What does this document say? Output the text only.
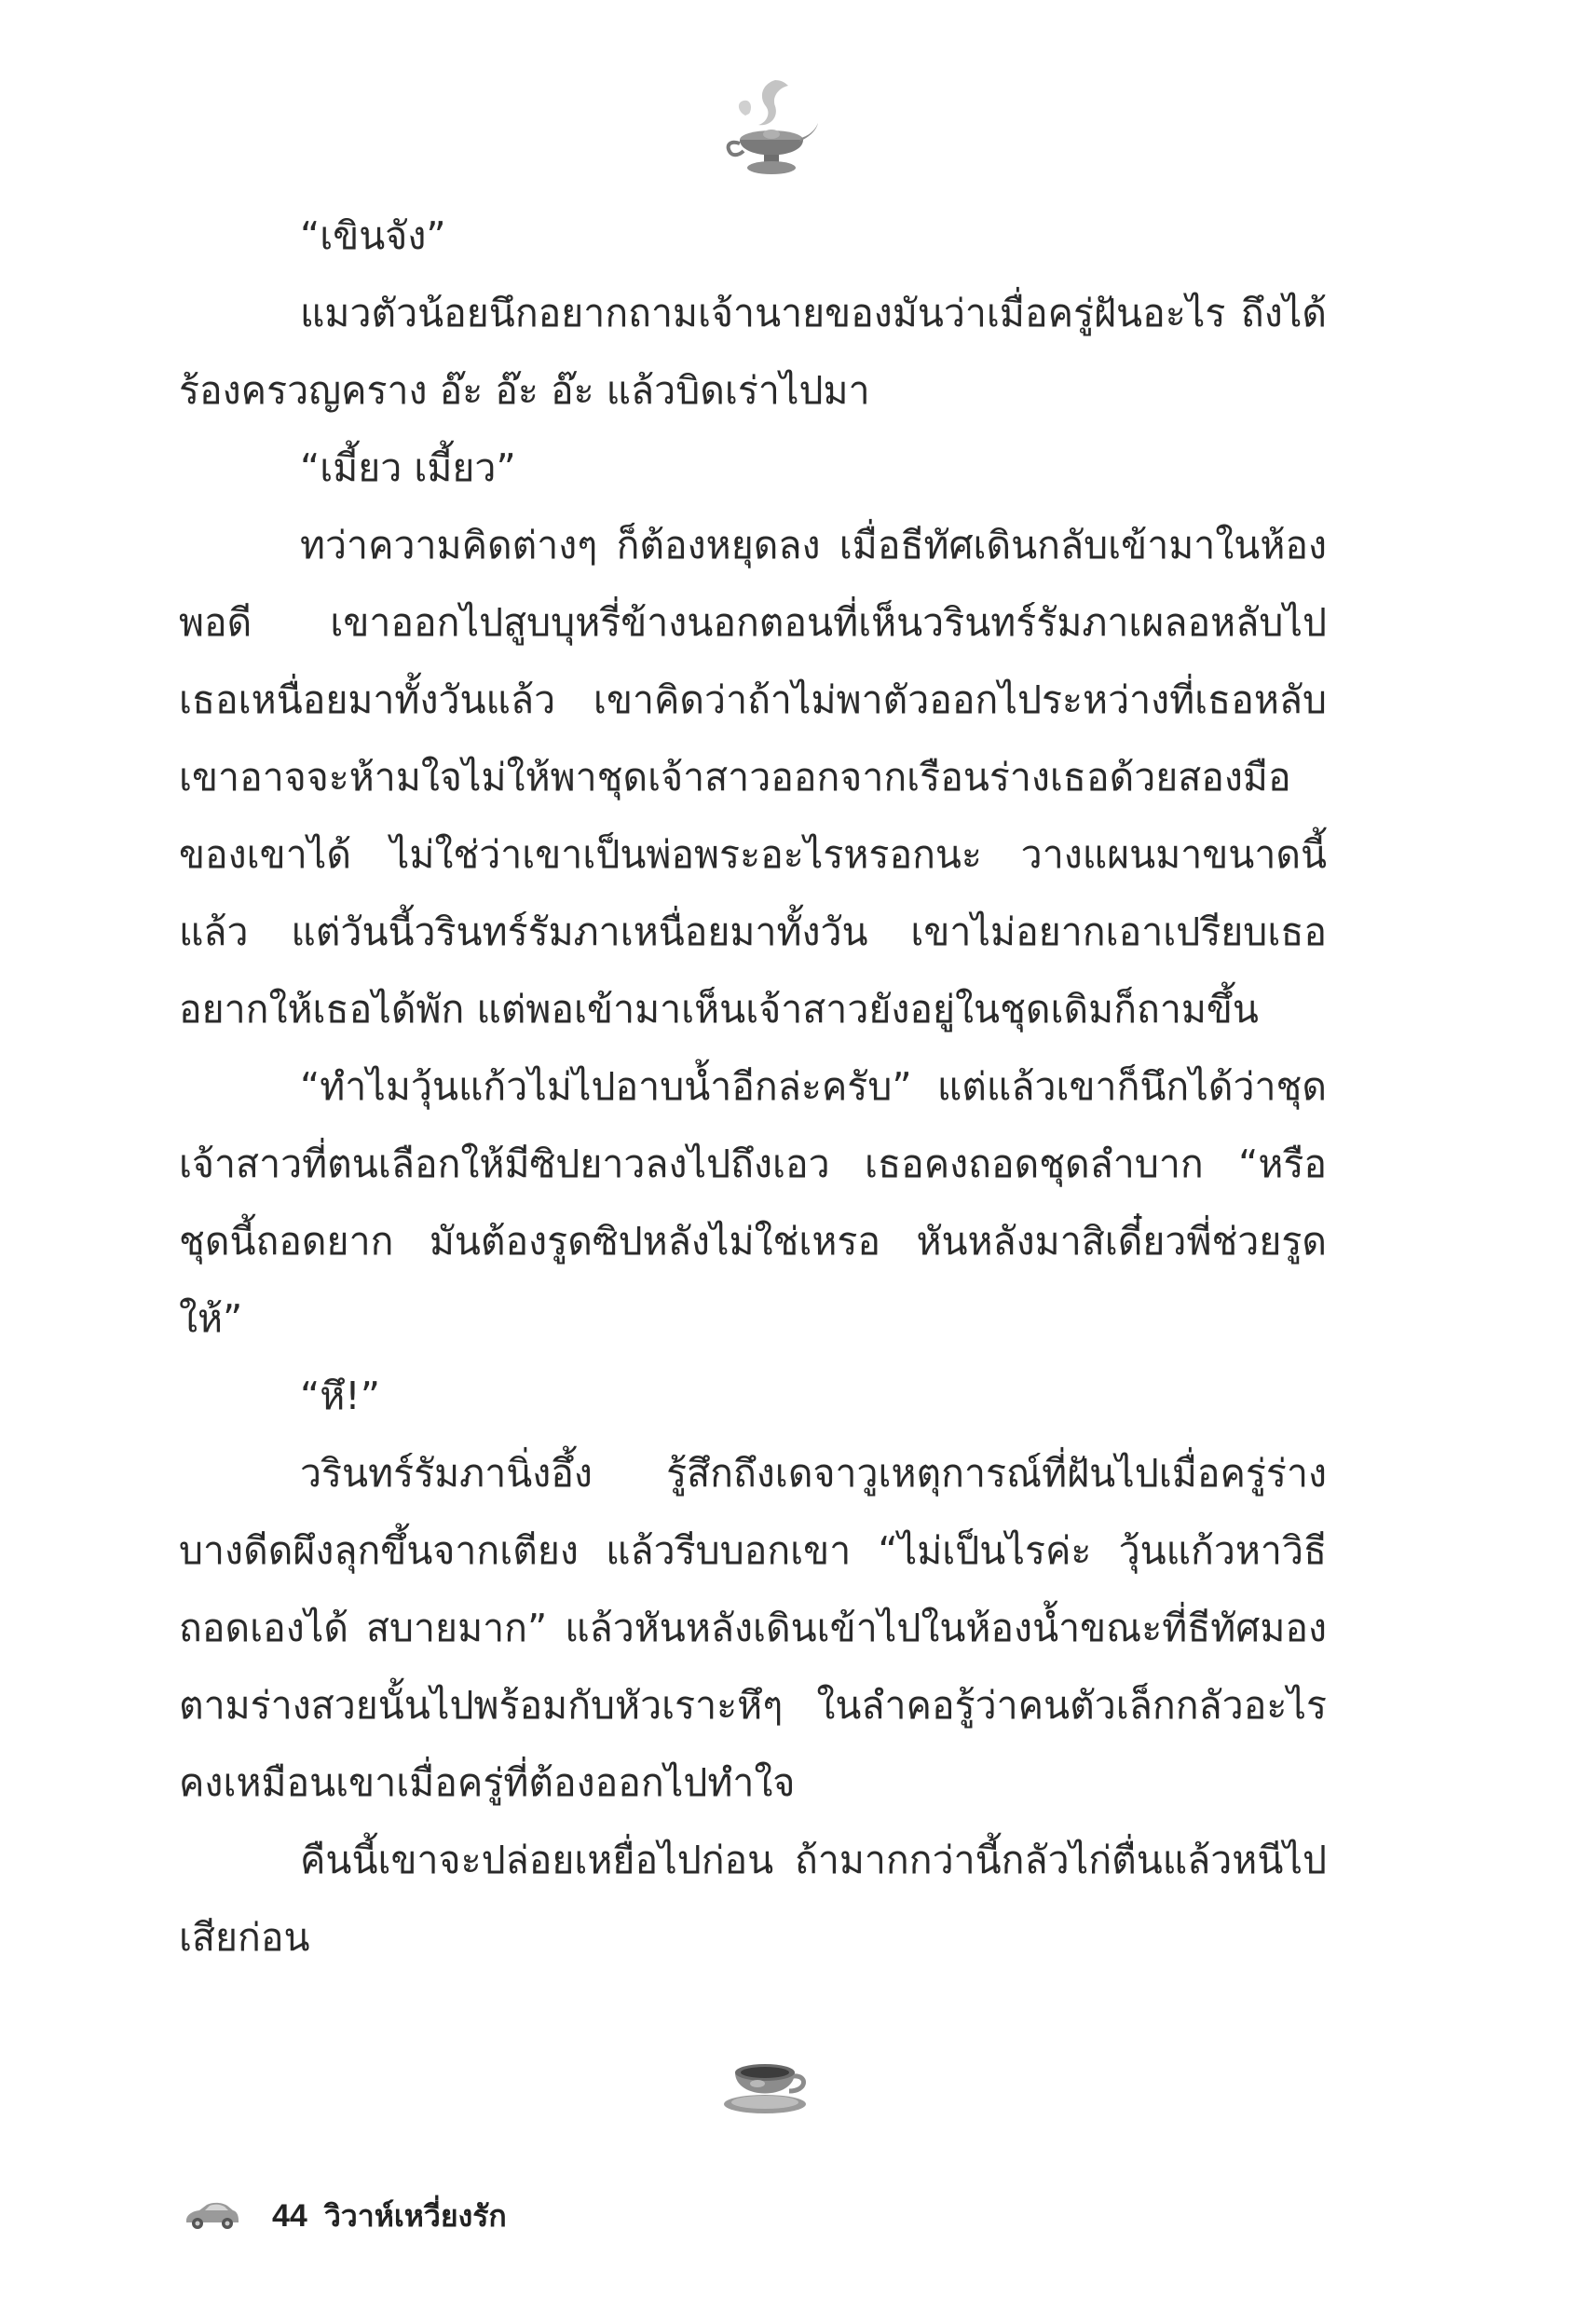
“เขินจัง”

แมวตัวน้อยนึกอยากถามเจ้านายของมันว่าเมื่อครู่ฝันอะไร ถึงได้ร้องครวญคราง อ๊ะ อ๊ะ อ๊ะ แล้วบิดเร่าไปมา

“เมี้ยว เมี้ยว”

ทว่าความคิดต่างๆ ก็ต้องหยุดลง เมื่อธีทัศเดินกลับเข้ามาในห้องพอดี เขาออกไปสูบบุหรี่ข้างนอกตอนที่เห็นวรินทร์รัมภาเผลอหลับไป เธอเหนื่อยมาทั้งวันแล้ว เขาคิดว่าถ้าไม่พาตัวออกไประหว่างที่เธอหลับเขาอาจจะห้ามใจไม่ให้พาชุดเจ้าสาวออกจากเรือนร่างเธอด้วยสองมือของเขาได้ ไม่ใช่ว่าเขาเป็นพ่อพระอะไรหรอกนะ วางแผนมาขนาดนี้แล้ว แต่วันนี้วรินทร์รัมภาเหนื่อยมาทั้งวัน เขาไม่อยากเอาเปรียบเธอ อยากให้เธอได้พัก แต่พอเข้ามาเห็นเจ้าสาวยังอยู่ในชุดเดิมก็ถามขึ้น

“ทำไมวุ้นแก้วไม่ไปอาบน้ำอีกล่ะครับ” แต่แล้วเขาก็นึกได้ว่าชุดเจ้าสาวที่ตนเลือกให้มีซิปยาวลงไปถึงเอว เธอคงถอดชุดลำบาก “หรือชุดนี้ถอดยาก มันต้องรูดซิปหลังไม่ใช่เหรอ หันหลังมาสิเดี๋ยวพี่ช่วยรูดให้”

“หึ!”

วรินทร์รัมภานิ่งอึ้ง รู้สึกถึงเดจาวูเหตุการณ์ที่ฝันไปเมื่อครู่ร่างบางดีดผึงลุกขึ้นจากเตียง แล้วรีบบอกเขา “ไม่เป็นไรค่ะ วุ้นแก้วหาวิธีถอดเองได้ สบายมาก” แล้วหันหลังเดินเข้าไปในห้องน้ำขณะที่ธีทัศมองตามร่างสวยนั้นไปพร้อมกับหัวเราะหึๆ ในลำคอรู้ว่าคนตัวเล็กกลัวอะไร คงเหมือนเขาเมื่อครู่ที่ต้องออกไปทำใจ

คืนนี้เขาจะปล่อยเหยื่อไปก่อน ถ้ามากกว่านี้กลัวไก่ตื่นแล้วหนีไปเสียก่อน

44 วิวาห์เหวี่ยงรัก
